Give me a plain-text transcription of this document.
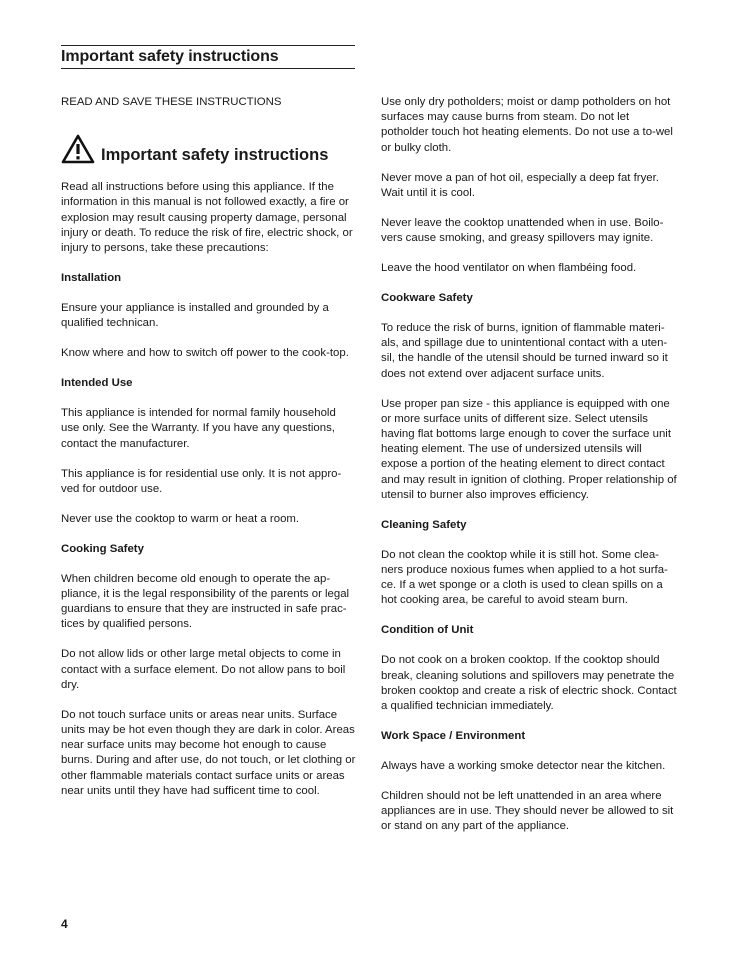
Important safety instructions

READ AND SAVE THESE INSTRUCTIONS

Important safety instructions

Read all instructions before using this appliance. If the information in this manual is not followed exactly, a fire or explosion may result causing property damage, personal injury or death. To reduce the risk of fire, electric shock, or injury to persons, take these precautions:

Installation

Ensure your appliance is installed and grounded by a qualified technican.

Know where and how to switch off power to the cook-top.

Intended Use

This appliance is intended for normal family household use only. See the Warranty. If you have any questions, contact the manufacturer.

This appliance is for residential use only. It is not appro-ved for outdoor use.

Never use the cooktop to warm or heat a room.

Cooking Safety

When children become old enough to operate the ap-pliance, it is the legal responsibility of the parents or legal guardians to ensure that they are instructed in safe prac-tices by qualified persons.

Do not allow lids or other large metal objects to come in contact with a surface element. Do not allow pans to boil dry.

Do not touch surface units or areas near units. Surface units may be hot even though they are dark in color. Areas near surface units may become hot enough to cause burns. During and after use, do not touch, or let clothing or other flammable materials contact surface units or areas near units until they have had sufficent time to cool.

Use only dry potholders; moist or damp potholders on hot surfaces may cause burns from steam. Do not let potholder touch hot heating elements. Do not use a to-wel or bulky cloth.

Never move a pan of hot oil, especially a deep fat fryer. Wait until it is cool.

Never leave the cooktop unattended when in use. Boilo-vers cause smoking, and greasy spillovers may ignite.

Leave the hood ventilator on when flambéing food.

Cookware Safety

To reduce the risk of burns, ignition of flammable materi-als, and spillage due to unintentional contact with a uten-sil, the handle of the utensil should be turned inward so it does not extend over adjacent surface units.

Use proper pan size - this appliance is equipped with one or more surface units of different size. Select utensils having flat bottoms large enough to cover the surface unit heating element. The use of undersized utensils will expose a portion of the heating element to direct contact and may result in ignition of clothing. Proper relationship of utensil to burner also improves efficiency.

Cleaning Safety

Do not clean the cooktop while it is still hot. Some clea-ners produce noxious fumes when applied to a hot surfa-ce. If a wet sponge or a cloth is used to clean spills on a hot cooking area, be careful to avoid steam burn.

Condition of Unit

Do not cook on a broken cooktop. If the cooktop should break, cleaning solutions and spillovers may penetrate the broken cooktop and create a risk of electric shock. Contact a qualified technician immediately.

Work Space / Environment

Always have a working smoke detector near the kitchen.

Children should not be left unattended in an area where appliances are in use. They should never be allowed to sit or stand on any part of the appliance.

4
